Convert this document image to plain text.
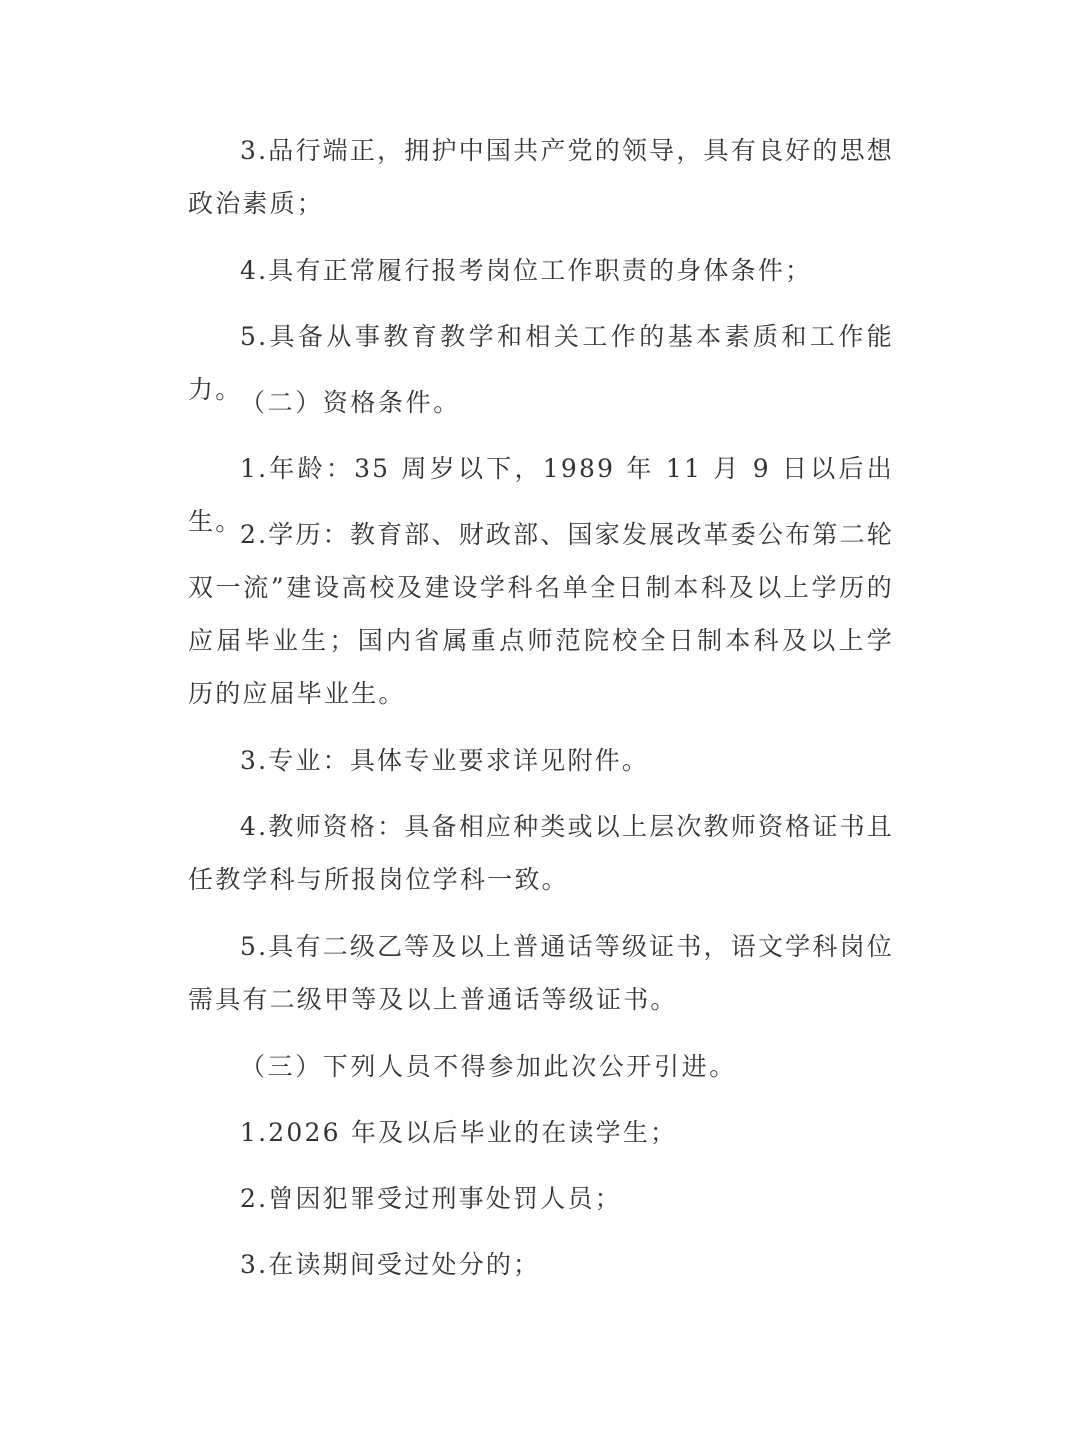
3.品行端正，拥护中国共产党的领导，具有良好的思想政治素质；

4.具有正常履行报考岗位工作职责的身体条件；

5.具备从事教育教学和相关工作的基本素质和工作能力。

（二）资格条件。

1.年龄：35 周岁以下，1989 年 11 月 9 日以后出生。

2.学历：教育部、财政部、国家发展改革委公布第二轮双一流”建设高校及建设学科名单全日制本科及以上学历的应届毕业生；国内省属重点师范院校全日制本科及以上学历的应届毕业生。

3.专业：具体专业要求详见附件。

4.教师资格：具备相应种类或以上层次教师资格证书且任教学科与所报岗位学科一致。

5.具有二级乙等及以上普通话等级证书，语文学科岗位需具有二级甲等及以上普通话等级证书。

（三）下列人员不得参加此次公开引进。

1.2026 年及以后毕业的在读学生；

2.曾因犯罪受过刑事处罚人员；

3.在读期间受过处分的；
